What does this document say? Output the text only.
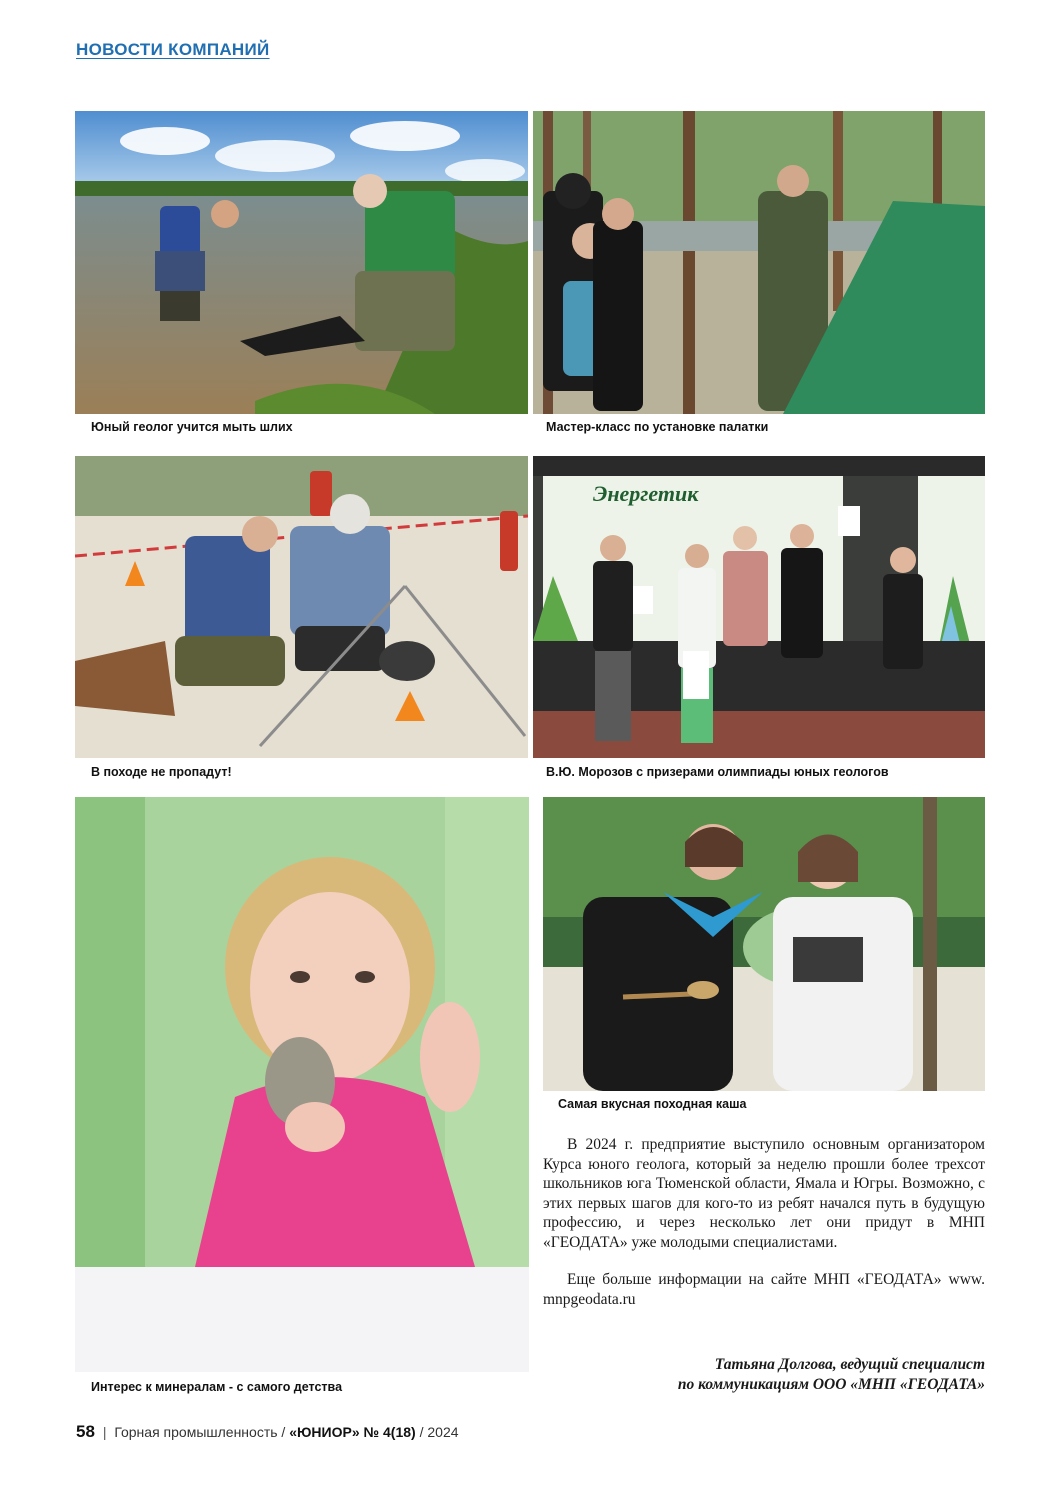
НОВОСТИ КОМПАНИЙ
Юный геолог учится мыть шлих	Мастер-класс по установке палатки
В походе не пропадут!
Энергетик
В.Ю. Морозов с призерами олимпиады юных геологов
Интерес к минералам - с самого детства
Самая вкусная походная каша

В 2024 г. предприятие выступило основным организатором Курса юного геолога, который за неделю прошли более трехсот школьников юга Тюменской области, Ямала и Югры. Возможно, с этих первых шагов для кого-то из ребят начался путь в будущую профессию, и через несколько лет они придут в МНП «ГЕОДАТА» уже молодыми специалистами.

Еще больше информации на сайте МНП «ГЕОДАТА» www. mnpgeodata.ru

Татьяна Долгова, ведущий специалист
по коммуникациям ООО «МНП «ГЕОДАТА»
58 | Горная промышленность / «ЮНИОР» № 4(18) / 2024
